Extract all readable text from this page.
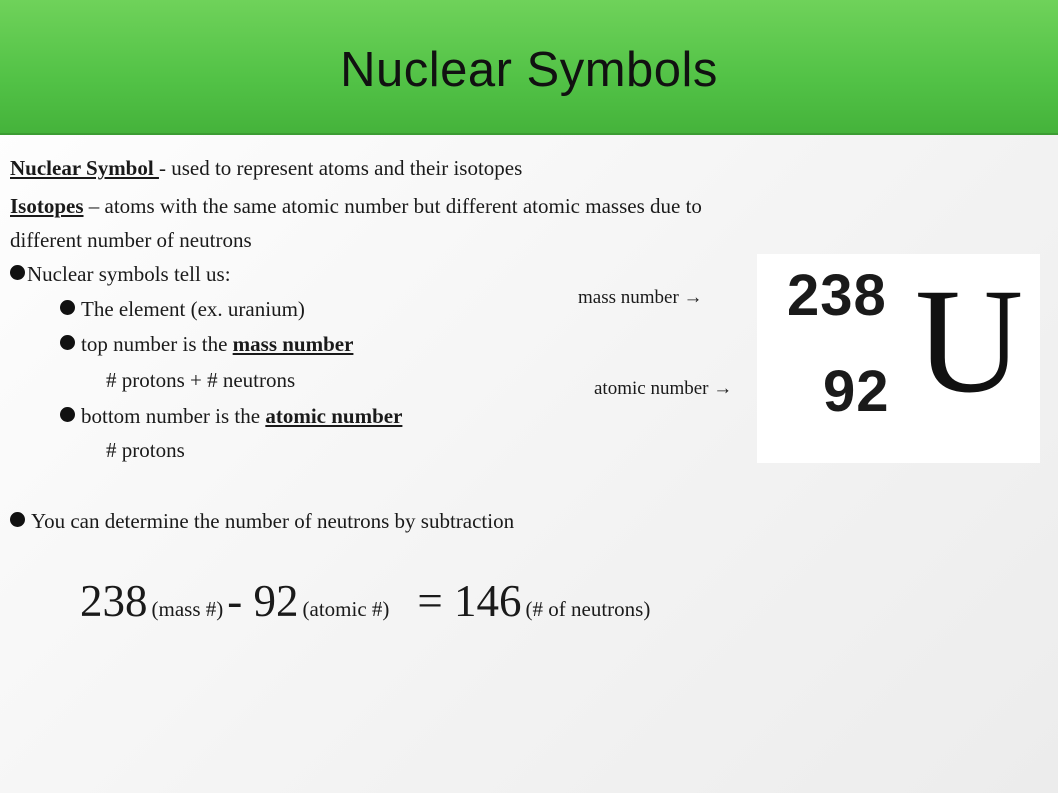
Nuclear Symbols
Nuclear Symbol - used to represent atoms and their isotopes
Isotopes – atoms with the same atomic number but different atomic masses due to
different number of neutrons
Nuclear symbols tell us:
The element (ex. uranium)
top number is the mass number
# protons + # neutrons
bottom number is the atomic number
# protons
You can determine the number of neutrons by subtraction
mass number →
atomic number →
238
92 U
238 (mass #) - 92 (atomic #) = 146 (# of neutrons)
